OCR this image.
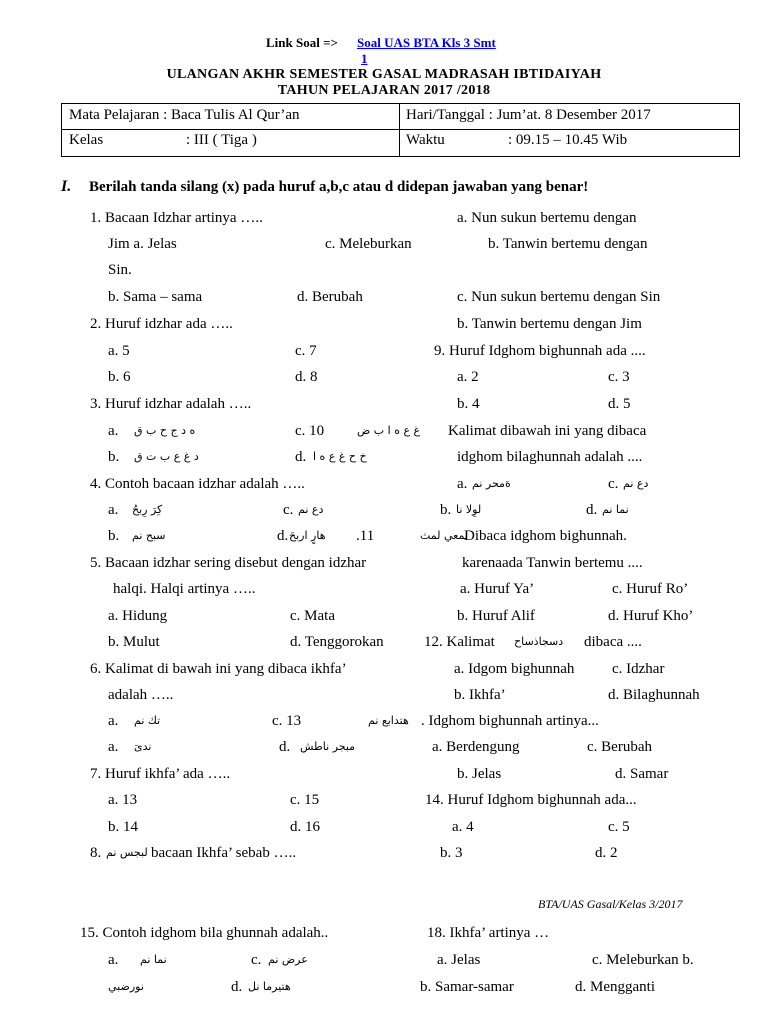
Link Soal => Soal UAS BTA Kls 3 Smt
1
ULANGAN AKHR SEMESTER GASAL MADRASAH IBTIDAIYAH
TAHUN PELAJARAN 2017 /2018
Mata Pelajaran : Baca Tulis Al Qur’an	Hari/Tanggal : Jum’at. 8 Desember 2017
Kelas	: III ( Tiga )	Waktu	: 09.15 – 10.45 Wib
I. Berilah tanda silang (x) pada huruf a,b,c atau d didepan jawaban yang benar!
1. Bacaan Idzhar artinya …..	a. Nun sukun bertemu dengan
Jim a. Jelas	c. Meleburkan	b. Tanwin bertemu dengan
Sin.
b. Sama – sama	d. Berubah	c. Nun sukun bertemu dengan Sin
2. Huruf idzhar ada …..	b. Tanwin bertemu dengan Jim
a. 5	c. 7	9. Huruf Idghom bighunnah ada ....
b. 6	d. 8	a. 2	c. 3
3. Huruf idzhar adalah …..	b. 4	d. 5
a. ه د ج ح ب ق	c. 10	غ ع ه ا ب ض Kalimat dibawah ini yang dibaca
b. د غ ع ب ت ق	d. خ ح غ ع ه ا	idghom bilaghunnah adalah ....
4. Contoh bacaan idzhar adalah …..	a. ةمحر نم	c. دع نم
a. كِرَ رِبحُ	c. دع نم	b. لوِلا نا	d. نما نم
b. سبح نم	d. هارٍ اربحَ .11	لمعي لمث
Dibaca idghom bighunnah.
5. Bacaan idzhar sering disebut dengan idzhar	karenaada Tanwin bertemu ....
halqi. Halqi artinya …..	a. Huruf Ya’	c. Huruf Ro’
a. Hidung	c. Mata	b. Huruf Alif	d. Huruf Kho’
b. Mulut	d. Tenggorokan	12. Kalimat دسجاذساح dibaca ....
6. Kalimat di bawah ini yang dibaca ikhfa’	a. Idgom bighunnah	c. Idzhar
adalah …..	b. Ikhfa’	d. Bilaghunnah
a. تك نم	c. 13	هتدابع نم . Idghom bighunnah artinya...
a. ندىَ	d. مبجر ناطش	a. Berdengung	c. Berubah
7. Huruf ikhfa’ ada …..	b. Jelas	d. Samar
a. 13	c. 15	14. Huruf Idghom bighunnah ada...
b. 14	d. 16	a. 4	c. 5
8. لبجس نم bacaan Ikhfa’ sebab …..	b. 3	d. 2
BTA/UAS Gasal/Kelas 3/2017
15. Contoh idghom bila ghunnah adalah..	18. Ikhfa’ artinya …
a. نما نم	c. عرض نم	a. Jelas	c. Meleburkan b.
نورضبي	d. هتيرما نل	b. Samar-samar	d. Mengganti
